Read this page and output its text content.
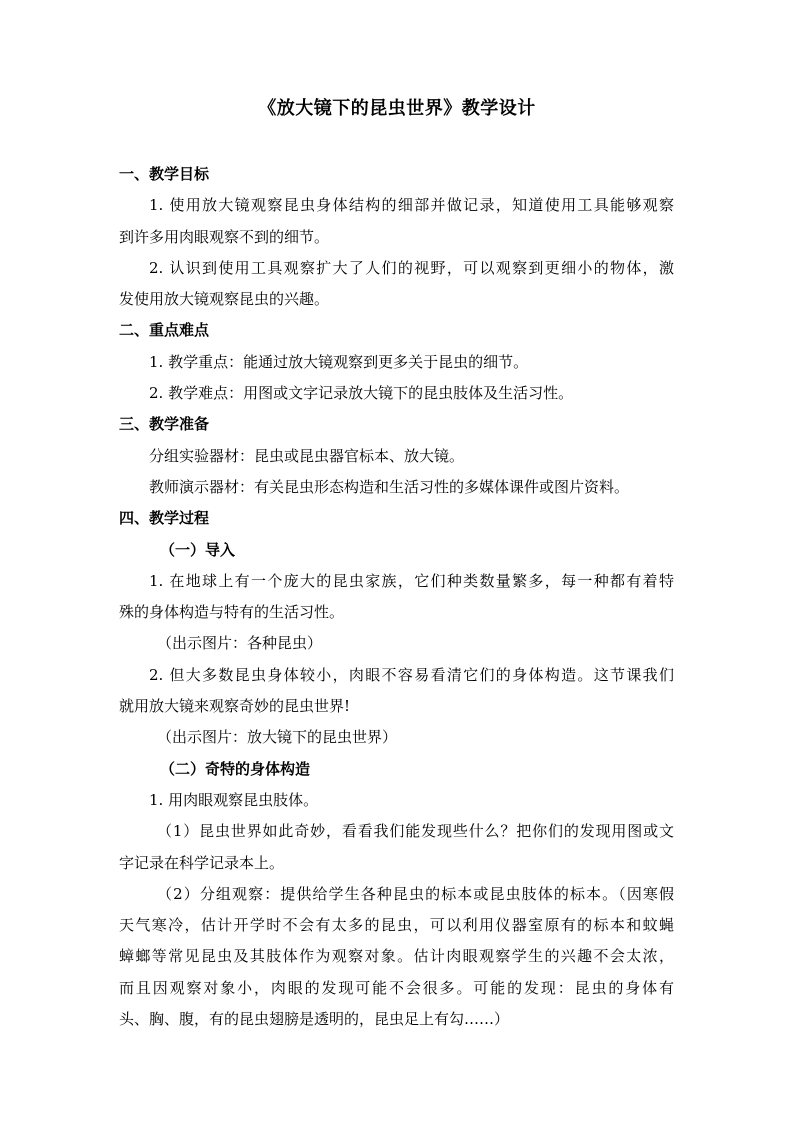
《放大镜下的昆虫世界》教学设计
一、教学目标
1. 使用放大镜观察昆虫身体结构的细部并做记录，知道使用工具能够观察
到许多用肉眼观察不到的细节。
2. 认识到使用工具观察扩大了人们的视野，可以观察到更细小的物体，激
发使用放大镜观察昆虫的兴趣。
二、重点难点
1. 教学重点：能通过放大镜观察到更多关于昆虫的细节。
2. 教学难点：用图或文字记录放大镜下的昆虫肢体及生活习性。
三、教学准备
分组实验器材：昆虫或昆虫器官标本、放大镜。
教师演示器材：有关昆虫形态构造和生活习性的多媒体课件或图片资料。
四、教学过程
（一）导入
1. 在地球上有一个庞大的昆虫家族，它们种类数量繁多，每一种都有着特
殊的身体构造与特有的生活习性。
（出示图片：各种昆虫）
2. 但大多数昆虫身体较小，肉眼不容易看清它们的身体构造。这节课我们
就用放大镜来观察奇妙的昆虫世界!
（出示图片：放大镜下的昆虫世界）
（二）奇特的身体构造
1. 用肉眼观察昆虫肢体。
（1）昆虫世界如此奇妙，看看我们能发现些什么？把你们的发现用图或文
字记录在科学记录本上。
（2）分组观察：提供给学生各种昆虫的标本或昆虫肢体的标本。（因寒假
天气寒冷，估计开学时不会有太多的昆虫，可以利用仪器室原有的标本和蚊蝇
蟑螂等常见昆虫及其肢体作为观察对象。估计肉眼观察学生的兴趣不会太浓，
而且因观察对象小，肉眼的发现可能不会很多。可能的发现：昆虫的身体有
头、胸、腹，有的昆虫翅膀是透明的，昆虫足上有勾……）
